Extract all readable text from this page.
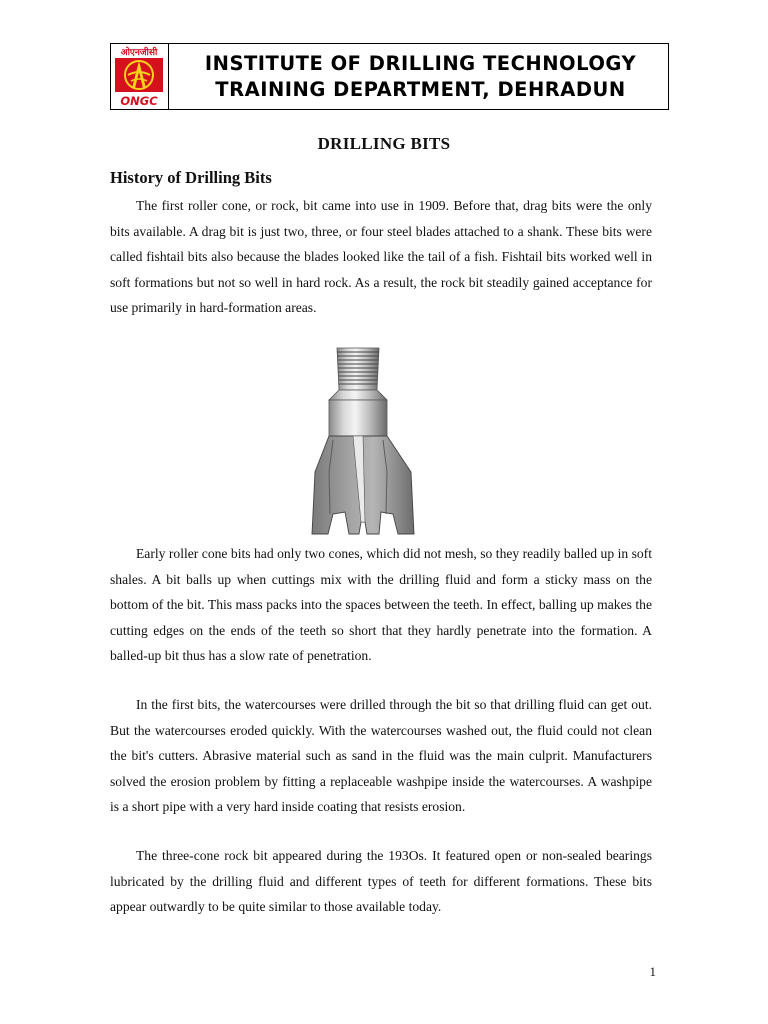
ओएनजीसी
ONGC
INSTITUTE OF DRILLING TECHNOLOGY
TRAINING DEPARTMENT, DEHRADUN
DRILLING BITS
History of Drilling Bits

The first roller cone, or rock, bit came into use in 1909. Before that, drag bits were the only bits available. A drag bit is just two, three, or four steel blades attached to a shank. These bits were called fishtail bits also because the blades looked like the tail of a fish. Fishtail bits worked well in soft formations but not so well in hard rock. As a result, the rock bit steadily gained acceptance for use primarily in hard-formation areas.

Early roller cone bits had only two cones, which did not mesh, so they readily balled up in soft shales. A bit balls up when cuttings mix with the drilling fluid and form a sticky mass on the bottom of the bit. This mass packs into the spaces between the teeth. In effect, balling up makes the cutting edges on the ends of the teeth so short that they hardly penetrate into the formation. A balled-up bit thus has a slow rate of penetration.

In the first bits, the watercourses were drilled through the bit so that drilling fluid can get out. But the watercourses eroded quickly. With the watercourses washed out, the fluid could not clean the bit's cutters. Abrasive material such as sand in the fluid was the main culprit. Manufacturers solved the erosion problem by fitting a replaceable washpipe inside the watercourses. A washpipe is a short pipe with a very hard inside coating that resists erosion.

The three-cone rock bit appeared during the 193Os. It featured open or non-sealed bearings lubricated by the drilling fluid and different types of teeth for different formations. These bits appear outwardly to be quite similar to those available today.

1
